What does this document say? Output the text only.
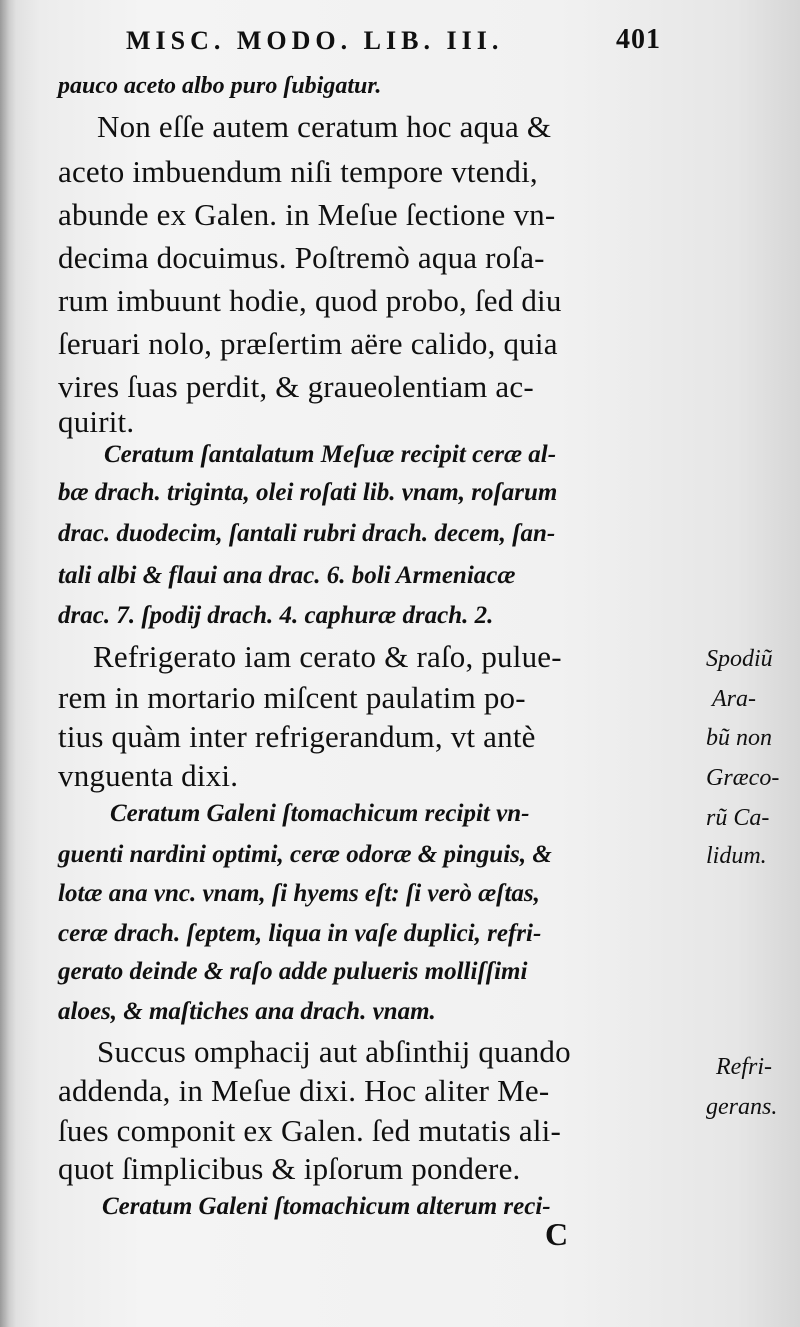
MISC. MODO. LIB. III.	401
pauco aceto albo puro ſubigatur.
Non eſſe autem ceratum hoc aqua &
aceto imbuendum niſi tempore vtendi,
abunde ex Galen. in Meſue ſectione vn-
decima docuimus. Poſtremò aqua roſa-
rum imbuunt hodie, quod probo, ſed diu
ſeruari nolo, præſertim aëre calido, quia
vires ſuas perdit, & graueolentiam ac-
quirit.
Ceratum ſantalatum Meſuæ recipit ceræ al-
bæ drach. triginta, olei roſati lib. vnam, roſarum
drac. duodecim, ſantali rubri drach. decem, ſan-
tali albi & flaui ana drac. 6. boli Armeniacæ
drac. 7. ſpodij drach. 4. caphuræ drach. 2.
Refrigerato iam cerato & raſo, pulue-
rem in mortario miſcent paulatim po-
tius quàm inter refrigerandum, vt antè
vnguenta dixi.
Ceratum Galeni ſtomachicum recipit vn-
guenti nardini optimi, ceræ odoræ & pinguis, &
lotæ ana vnc. vnam, ſi hyems eſt: ſi verò æſtas,
ceræ drach. ſeptem, liqua in vaſe duplici, refri-
gerato deinde & raſo adde pulueris molliſſimi
aloes, & maſtiches ana drach. vnam.
Succus omphacij aut abſinthij quando
addenda, in Meſue dixi. Hoc aliter Me-
ſues componit ex Galen. ſed mutatis ali-
quot ſimplicibus & ipſorum pondere.
Ceratum Galeni ſtomachicum alterum reci-
Spodiũ
Ara-
bũ non
Græco-
rũ Ca-
lidum.
Refri-
gerans.
C
